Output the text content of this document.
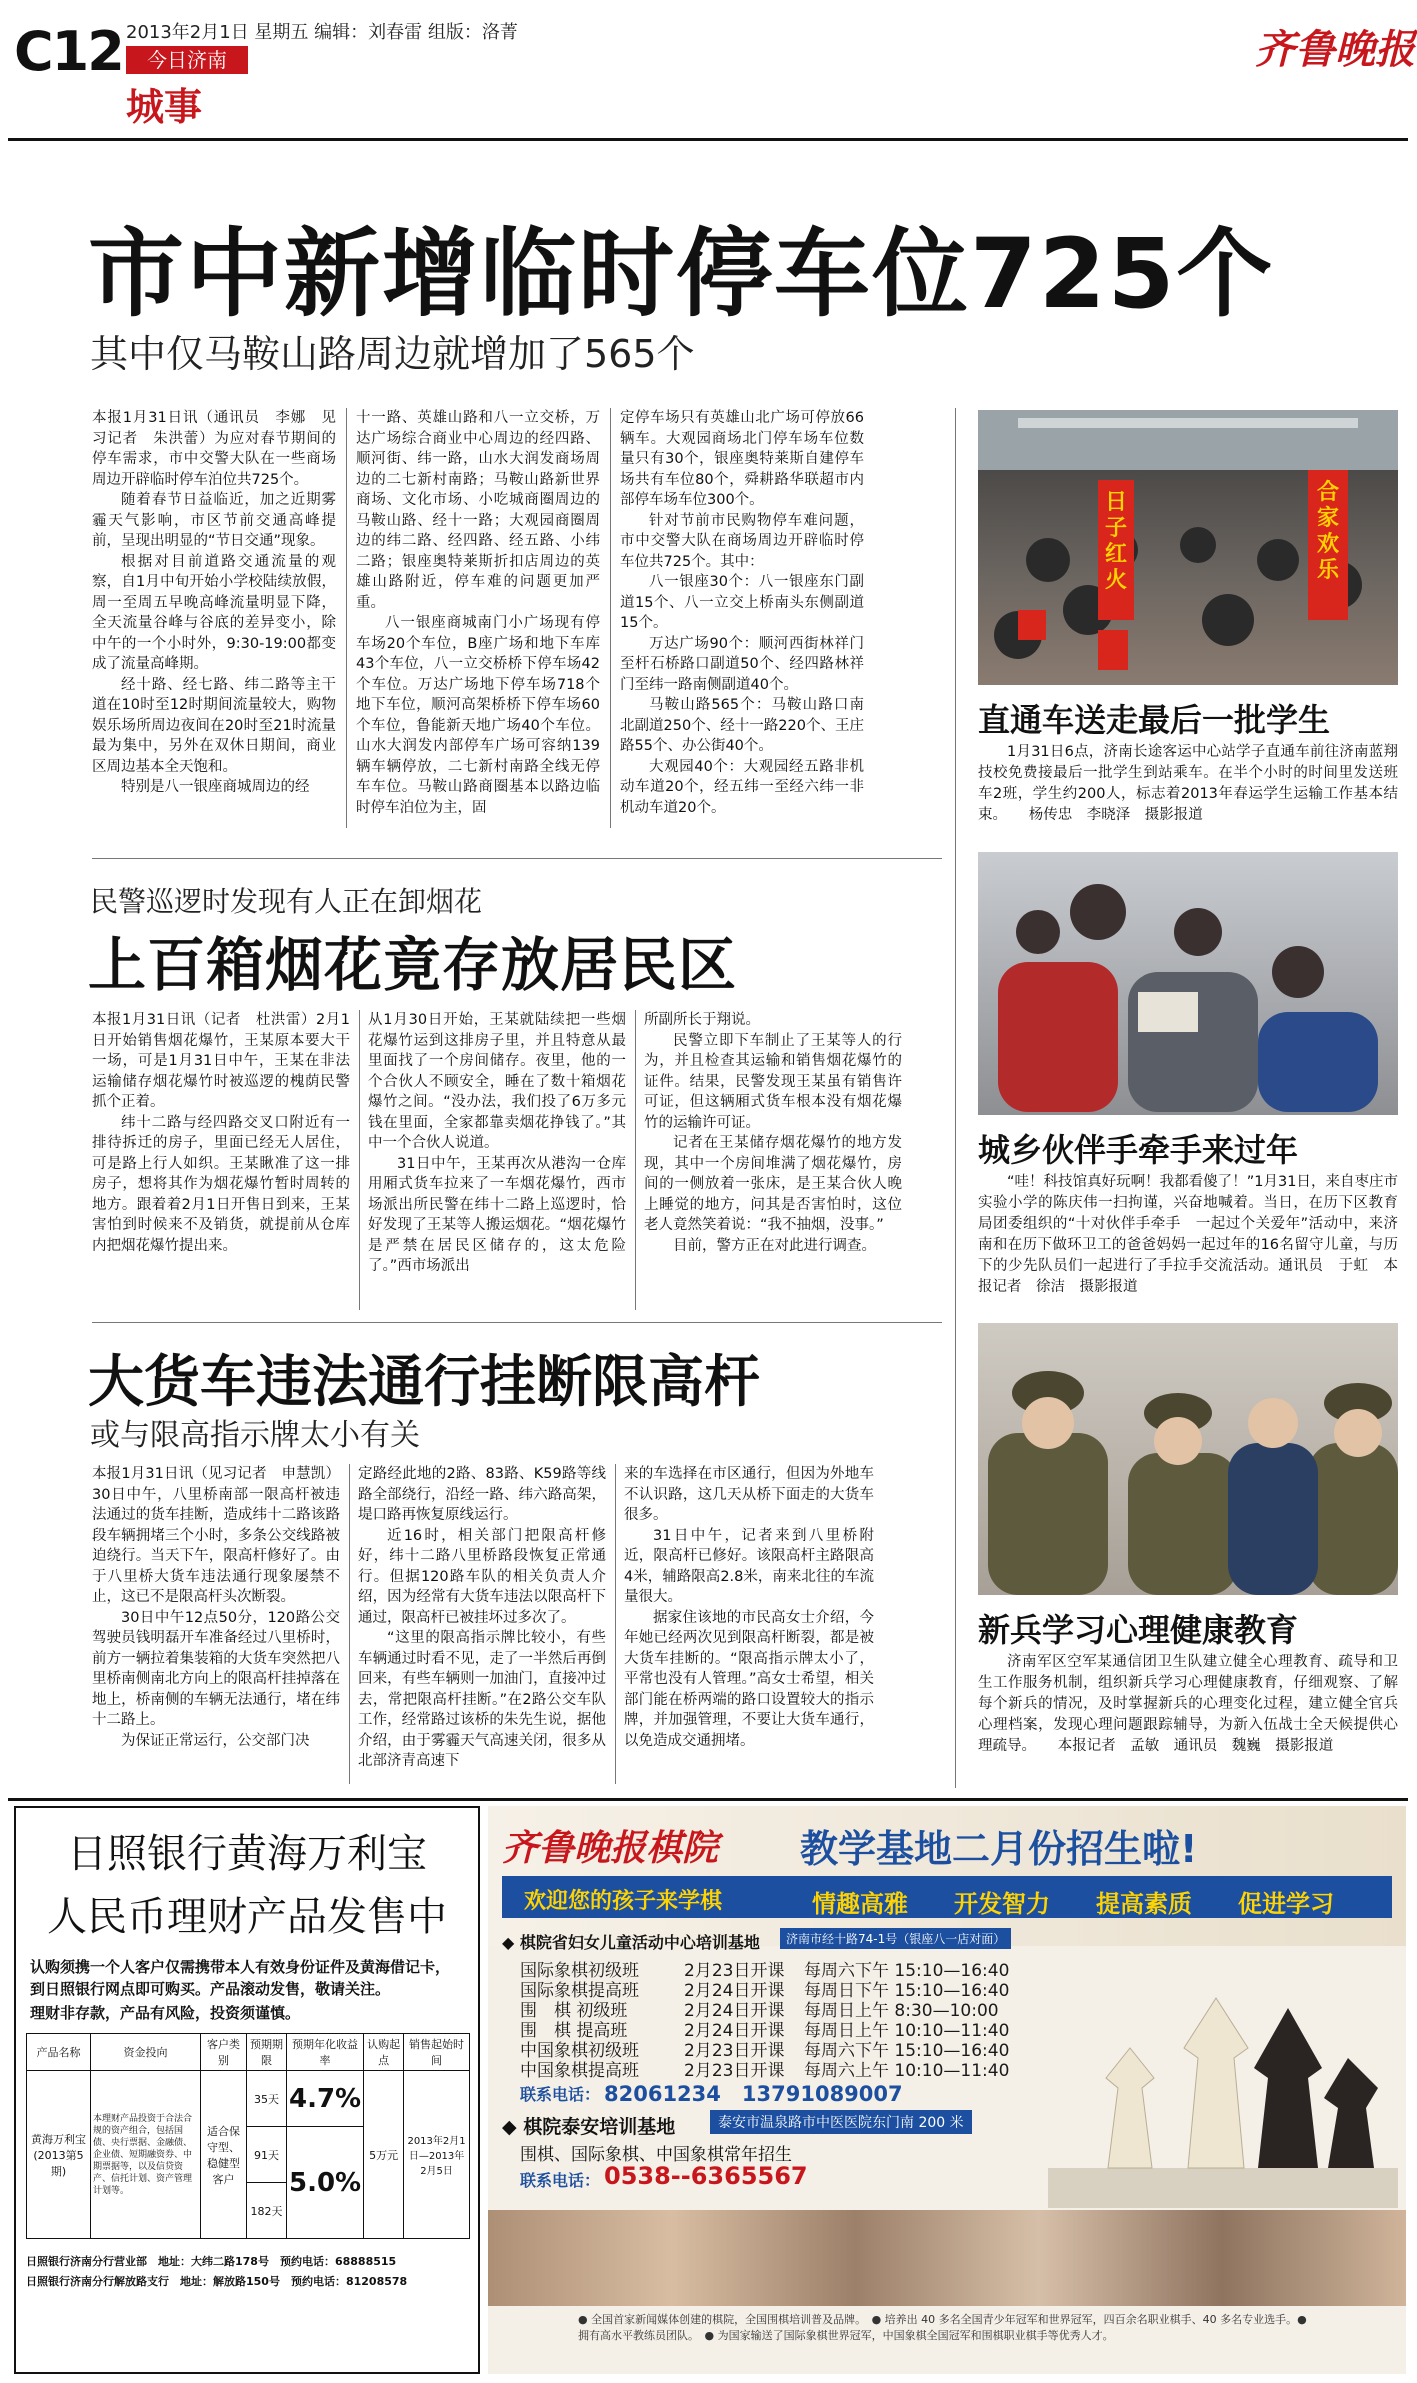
C12 2013年2月1日 星期五 编辑：刘春雷 组版：洛菁
今日济南
城事
齐鲁晚报
市中新增临时停车位725个
其中仅马鞍山路周边就增加了565个

本报1月31日讯（通讯员　李娜　见习记者　朱洪蕾）为应对春节期间的停车需求，市中交警大队在一些商场周边开辟临时停车泊位共725个。

随着春节日益临近，加之近期雾霾天气影响，市区节前交通高峰提前，呈现出明显的“节日交通”现象。

根据对目前道路交通流量的观察，自1月中旬开始小学校陆续放假，周一至周五早晚高峰流量明显下降，全天流量谷峰与谷底的差异变小，除中午的一个小时外，9:30-19:00都变成了流量高峰期。

经十路、经七路、纬二路等主干道在10时至12时期间流量较大，购物娱乐场所周边夜间在20时至21时流量最为集中，另外在双休日期间，商业区周边基本全天饱和。

特别是八一银座商城周边的经

十一路、英雄山路和八一立交桥，万达广场综合商业中心周边的经四路、顺河街、纬一路，山水大润发商场周边的二七新村南路；马鞍山路新世界商场、文化市场、小吃城商圈周边的马鞍山路、经十一路；大观园商圈周边的纬二路、经四路、经五路、小纬二路；银座奥特莱斯折扣店周边的英雄山路附近，停车难的问题更加严重。

八一银座商城南门小广场现有停车场20个车位，B座广场和地下车库43个车位，八一立交桥桥下停车场42个车位。万达广场地下停车场718个地下车位，顺河高架桥桥下停车场60个车位，鲁能新天地广场40个车位。山水大润发内部停车广场可容纳139辆车辆停放，二七新村南路全线无停车车位。马鞍山路商圈基本以路边临时停车泊位为主，固

定停车场只有英雄山北广场可停放66辆车。大观园商场北门停车场车位数量只有30个，银座奥特莱斯自建停车场共有车位80个，舜耕路华联超市内部停车场车位300个。

针对节前市民购物停车难问题，市中交警大队在商场周边开辟临时停车位共725个。其中：

八一银座30个：八一银座东门副道15个、八一立交上桥南头东侧副道15个。

万达广场90个：顺河西街林祥门至杆石桥路口副道50个、经四路林祥门至纬一路南侧副道40个。

马鞍山路565个：马鞍山路口南北副道250个、经十一路220个、王庄路55个、办公街40个。

大观园40个：大观园经五路非机动车道20个，经五纬一至经六纬一非机动车道20个。

民警巡逻时发现有人正在卸烟花
上百箱烟花竟存放居民区

本报1月31日讯（记者　杜洪雷）2月1日开始销售烟花爆竹，王某原本要大干一场，可是1月31日中午，王某在非法运输储存烟花爆竹时被巡逻的槐荫民警抓个正着。

纬十二路与经四路交叉口附近有一排待拆迁的房子，里面已经无人居住，可是路上行人如织。王某瞅准了这一排房子，想将其作为烟花爆竹暂时周转的地方。跟着着2月1日开售日到来，王某害怕到时候来不及销货，就提前从仓库内把烟花爆竹提出来。

从1月30日开始，王某就陆续把一些烟花爆竹运到这排房子里，并且特意从最里面找了一个房间储存。夜里，他的一个合伙人不顾安全，睡在了数十箱烟花爆竹之间。“没办法，我们投了6万多元钱在里面，全家都靠卖烟花挣钱了。”其中一个合伙人说道。

31日中午，王某再次从港沟一仓库用厢式货车拉来了一车烟花爆竹，西市场派出所民警在纬十二路上巡逻时，恰好发现了王某等人搬运烟花。“烟花爆竹是严禁在居民区储存的，这太危险了。”西市场派出

所副所长于翔说。

民警立即下车制止了王某等人的行为，并且检查其运输和销售烟花爆竹的证件。结果，民警发现王某虽有销售许可证，但这辆厢式货车根本没有烟花爆竹的运输许可证。

记者在王某储存烟花爆竹的地方发现，其中一个房间堆满了烟花爆竹，房间的一侧放着一张床，是王某合伙人晚上睡觉的地方，问其是否害怕时，这位老人竟然笑着说：“我不抽烟，没事。”

目前，警方正在对此进行调查。

大货车违法通行挂断限高杆
或与限高指示牌太小有关

本报1月31日讯（见习记者　申慧凯）30日中午，八里桥南部一限高杆被违法通过的货车挂断，造成纬十二路该路段车辆拥堵三个小时，多条公交线路被迫绕行。当天下午，限高杆修好了。由于八里桥大货车违法通行现象屡禁不止，这已不是限高杆头次断裂。

30日中午12点50分，120路公交驾驶员钱明磊开车准备经过八里桥时，前方一辆拉着集装箱的大货车突然把八里桥南侧南北方向上的限高杆挂掉落在地上，桥南侧的车辆无法通行，堵在纬十二路上。

为保证正常运行，公交部门决

定路经此地的2路、83路、K59路等线路全部绕行，沿经一路、纬六路高架，堤口路再恢复原线运行。

近16时，相关部门把限高杆修好，纬十二路八里桥路段恢复正常通行。但据120路车队的相关负责人介绍，因为经常有大货车违法以限高杆下通过，限高杆已被挂坏过多次了。

“这里的限高指示牌比较小，有些车辆通过时看不见，走了一半然后再倒回来，有些车辆则一加油门，直接冲过去，常把限高杆挂断。”在2路公交车队工作，经常路过该桥的朱先生说，据他介绍，由于雾霾天气高速关闭，很多从北部济青高速下

来的车选择在市区通行，但因为外地车不认识路，这几天从桥下面走的大货车很多。

31日中午，记者来到八里桥附近，限高杆已修好。该限高杆主路限高4米，辅路限高2.8米，南来北往的车流量很大。

据家住该地的市民高女士介绍，今年她已经两次见到限高杆断裂，都是被大货车挂断的。“限高指示牌太小了，平常也没有人管理。”高女士希望，相关部门能在桥两端的路口设置较大的指示牌，并加强管理，不要让大货车通行，以免造成交通拥堵。

日子红火
合家欢乐
直通车送走最后一批学生

1月31日6点，济南长途客运中心站学子直通车前往济南蓝翔技校免费接最后一批学生到站乘车。在半个小时的时间里发送班车2班，学生约200人，标志着2013年春运学生运输工作基本结束。　　杨传忠　李晓泽　摄影报道

城乡伙伴手牵手来过年

“哇！科技馆真好玩啊！我都看傻了！”1月31日，来自枣庄市实验小学的陈庆伟一扫拘谨，兴奋地喊着。当日，在历下区教育局团委组织的“十对伙伴手牵手　一起过个关爱年”活动中，来济南和在历下做环卫工的爸爸妈妈一起过年的16名留守儿童，与历下的少先队员们一起进行了手拉手交流活动。通讯员　于虹　本报记者　徐洁　摄影报道

新兵学习心理健康教育

济南军区空军某通信团卫生队建立健全心理教育、疏导和卫生工作服务机制，组织新兵学习心理健康教育，仔细观察、了解每个新兵的情况，及时掌握新兵的心理变化过程，建立健全官兵心理档案，发现心理问题跟踪辅导，为新入伍战士全天候提供心理疏导。　　本报记者　孟敏　通讯员　魏巍　摄影报道

日照银行黄海万利宝
人民币理财产品发售中
认购须携一个人客户仅需携带本人有效身份证件及黄海借记卡，到日照银行网点即可购买。产品滚动发售，敬请关注。
理财非存款，产品有风险，投资须谨慎。
产品名称	资金投向	客户类别	预期期限	预期年化收益率	认购起点	销售起始时间
黄海万利宝(2013第5期)	本理财产品投资于合法合规的资产组合，包括国债、央行票据、金融债、企业债、短期融资券、中期票据等，以及信贷资产、信托计划、资产管理计划等。	适合保守型、稳健型客户	35天	4.7%	5万元	2013年2月1日—2013年2月5日
			91天	5.0%		
			182天			
日照银行济南分行营业部　地址：大纬二路178号　预约电话：68888515
日照银行济南分行解放路支行　地址：解放路150号　预约电话：81208578
齐鲁晚报棋院 教学基地二月份招生啦!
欢迎您的孩子来学棋	情趣高雅 开发智力 提高素质 促进学习
◆ 棋院省妇女儿童活动中心培训基地	济南市经十路74-1号（银座八一店对面）
国际象棋初级班	2月23日开课 每周六下午 15:10—16:40
国际象棋提高班	2月24日开课 每周日下午 15:10—16:40
围　棋 初级班	2月24日开课 每周日上午 8:30—10:00
围　棋 提高班	2月24日开课 每周日上午 10:10—11:40
中国象棋初级班	2月23日开课 每周六下午 15:10—16:40
中国象棋提高班	2月23日开课 每周六上午 10:10—11:40
联系电话： 82061234　13791089007
◆ 棋院泰安培训基地	泰安市温泉路市中医医院东门南 200 米
围棋、国际象棋、中国象棋常年招生
联系电话： 0538--6365567
● 全国首家新闻媒体创建的棋院，全国围棋培训普及品牌。　● 培养出 40 多名全国青少年冠军和世界冠军，四百余名职业棋手、40 多名专业选手。● 拥有高水平教练员团队。　● 为国家输送了国际象棋世界冠军，中国象棋全国冠军和围棋职业棋手等优秀人才。
